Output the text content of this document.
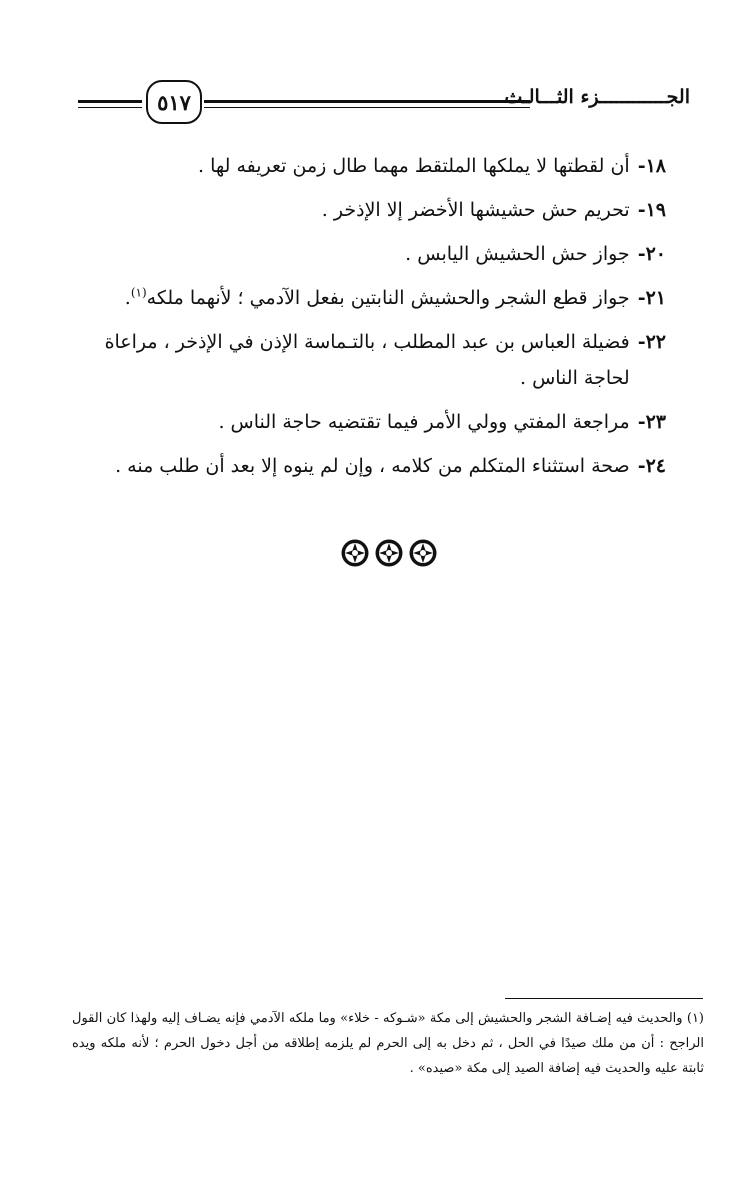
٥١٧	الجــــــــــــزء الثـــالـث
١٨-
أن لقطتها لا يملكها الملتقط مهما طال زمن تعريفه لها .
١٩-
تحريم حش حشيشها الأخضر إلا الإذخر .
٢٠-
جواز حش الحشيش اليابس .
٢١-
جواز قطع الشجر والحشيش النابتين بفعل الآدمي ؛ لأنهما ملكه$^{(١)}$.
٢٢-
فضيلة العباس بن عبد المطلب ، بالتـماسة الإذن في الإذخر ، مراعاة لحاجة الناس .
٢٣-
مراجعة المفتي وولي الأمر فيما تقتضيه حاجة الناس .
٢٤-
صحة استثناء المتكلم من كلامه ، وإن لم ينوه إلا بعد أن طلب منه .
(١) والحديث فيه إضـافة الشجر والحشيش إلى مكة «شـوكه - خلاء» وما ملكه الآدمي فإنه يضـاف إليه ولهذا كان القول الراجح : أن من ملك صيدًا في الحل ، ثم دخل به إلى الحرم لم يلزمه إطلاقه من أجل دخول الحرم ؛ لأنه ملكه ويده ثابتة عليه والحديث فيه إضافة الصيد إلى مكة «صيده» .
